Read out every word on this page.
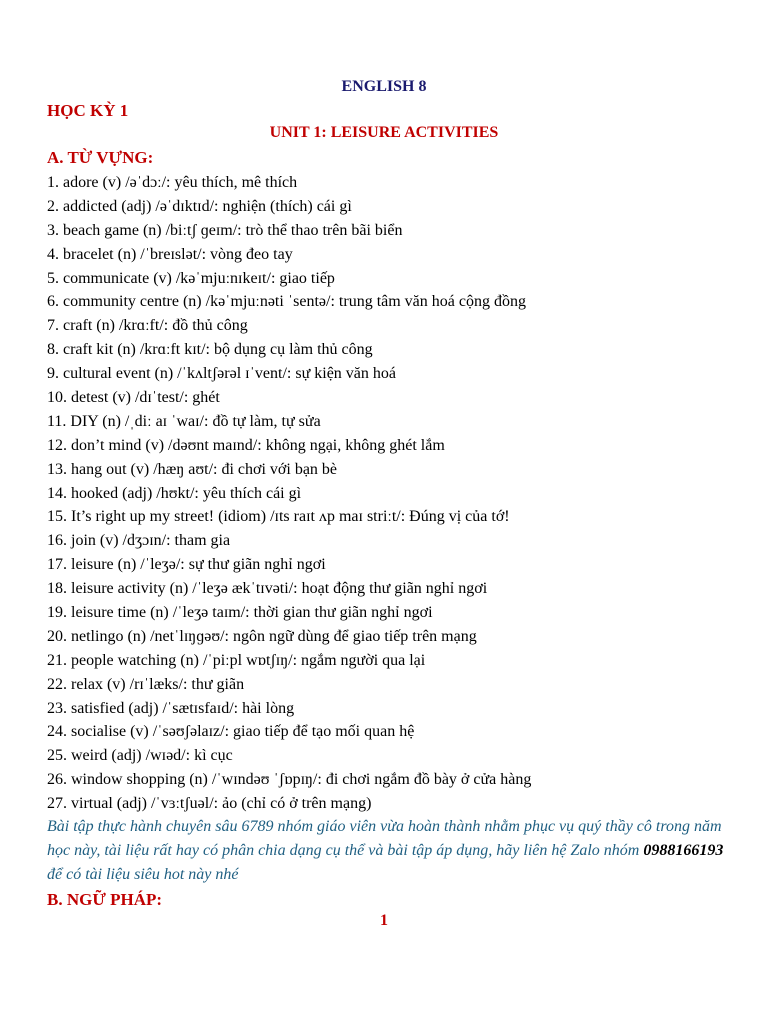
ENGLISH 8
HỌC KỲ 1
UNIT 1: LEISURE ACTIVITIES
A. TỪ VỰNG:
1. adore (v) /əˈdɔː/: yêu thích, mê thích
2. addicted (adj) /əˈdɪktɪd/: nghiện (thích) cái gì
3. beach game (n) /biːtʃ ɡeɪm/: trò thể thao trên bãi biển
4. bracelet (n) /ˈbreɪslət/: vòng đeo tay
5. communicate (v) /kəˈmjuːnɪkeɪt/: giao tiếp
6. community centre (n) /kəˈmjuːnəti ˈsentə/: trung tâm văn hoá cộng đồng
7. craft (n) /krɑːft/: đồ thủ công
8. craft kit (n) /krɑːft kɪt/: bộ dụng cụ làm thủ công
9. cultural event (n) /ˈkʌltʃərəl ɪˈvent/: sự kiện văn hoá
10. detest (v) /dɪˈtest/: ghét
11. DIY (n) /ˌdiː aɪ ˈwaɪ/: đồ tự làm, tự sửa
12. don’t mind (v) /dəʊnt maɪnd/: không ngại, không ghét lắm
13. hang out (v) /hæŋ aʊt/: đi chơi với bạn bè
14. hooked (adj) /hʊkt/: yêu thích cái gì
15. It’s right up my street! (idiom) /ɪts raɪt ʌp maɪ striːt/: Đúng vị của tớ!
16. join (v) /dʒɔɪn/: tham gia
17. leisure (n) /ˈleʒə/: sự thư giãn nghỉ ngơi
18. leisure activity (n) /ˈleʒə ækˈtɪvəti/: hoạt động thư giãn nghỉ ngơi
19. leisure time (n) /ˈleʒə taɪm/: thời gian thư giãn nghỉ ngơi
20. netlingo (n) /netˈlɪŋɡəʊ/: ngôn ngữ dùng để giao tiếp trên mạng
21. people watching (n) /ˈpiːpl wɒtʃɪŋ/: ngắm người qua lại
22. relax (v) /rɪˈlæks/: thư giãn
23. satisfied (adj) /ˈsætɪsfaɪd/: hài lòng
24. socialise (v) /ˈsəʊʃəlaɪz/: giao tiếp để tạo mối quan hệ
25. weird (adj) /wɪəd/: kì cục
26. window shopping (n) /ˈwɪndəʊ ˈʃɒpɪŋ/: đi chơi ngắm đồ bày ở cửa hàng
27. virtual (adj) /ˈvɜːtʃuəl/: ảo (chỉ có ở trên mạng)

Bài tập thực hành chuyên sâu 6789 nhóm giáo viên vừa hoàn thành nhằm phục vụ quý thầy cô trong năm học này, tài liệu rất hay có phân chia dạng cụ thể và bài tập áp dụng, hãy liên hệ Zalo nhóm 0988166193 để có tài liệu siêu hot này nhé

B. NGỮ PHÁP:
1
